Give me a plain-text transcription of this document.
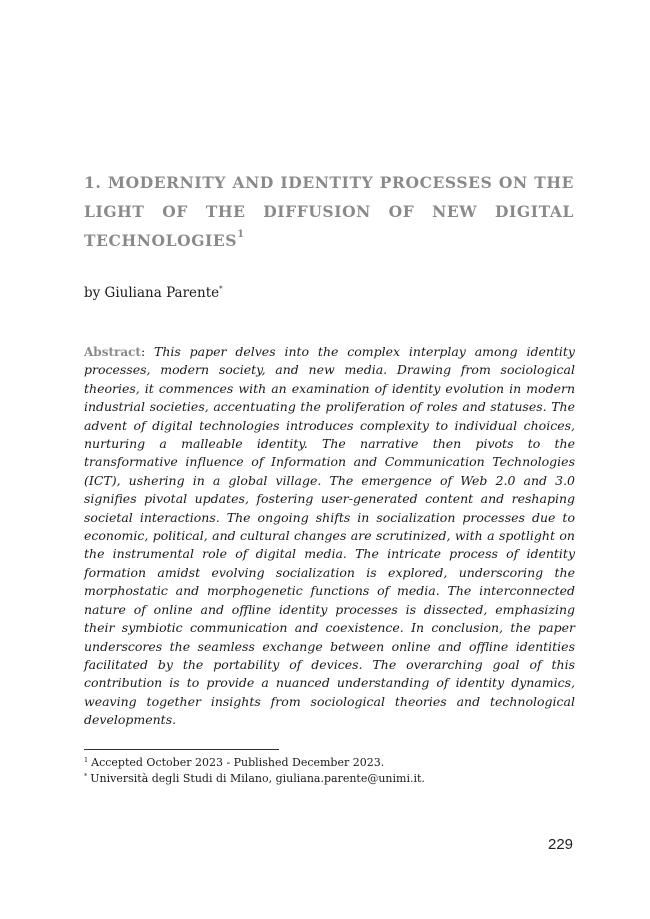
1. MODERNITY AND IDENTITY PROCESSES ON THE
LIGHT OF THE DIFFUSION OF NEW DIGITAL
TECHNOLOGIES$^1$

by Giuliana Parente*

Abstract: This paper delves into the complex interplay among identity processes, modern society, and new media. Drawing from sociological theories, it commences with an examination of identity evolution in modern industrial societies, accentuating the proliferation of roles and statuses. The advent of digital technologies introduces complexity to individual choices, nurturing a malleable identity. The narrative then pivots to the transformative influence of Information and Communication Technologies (ICT), ushering in a global village. The emergence of Web 2.0 and 3.0 signifies pivotal updates, fostering user-generated content and reshaping societal interactions. The ongoing shifts in socialization processes due to economic, political, and cultural changes are scrutinized, with a spotlight on the instrumental role of digital media. The intricate process of identity formation amidst evolving socialization is explored, underscoring the morphostatic and morphogenetic functions of media. The interconnected nature of online and offline identity processes is dissected, emphasizing their symbiotic communication and coexistence. In conclusion, the paper underscores the seamless exchange between online and offline identities facilitated by the portability of devices. The overarching goal of this contribution is to provide a nuanced understanding of identity dynamics, weaving together insights from sociological theories and technological developments.

$^1$ Accepted October 2023 - Published December 2023.
* Università degli Studi di Milano, giuliana.parente@unimi.it.

229
